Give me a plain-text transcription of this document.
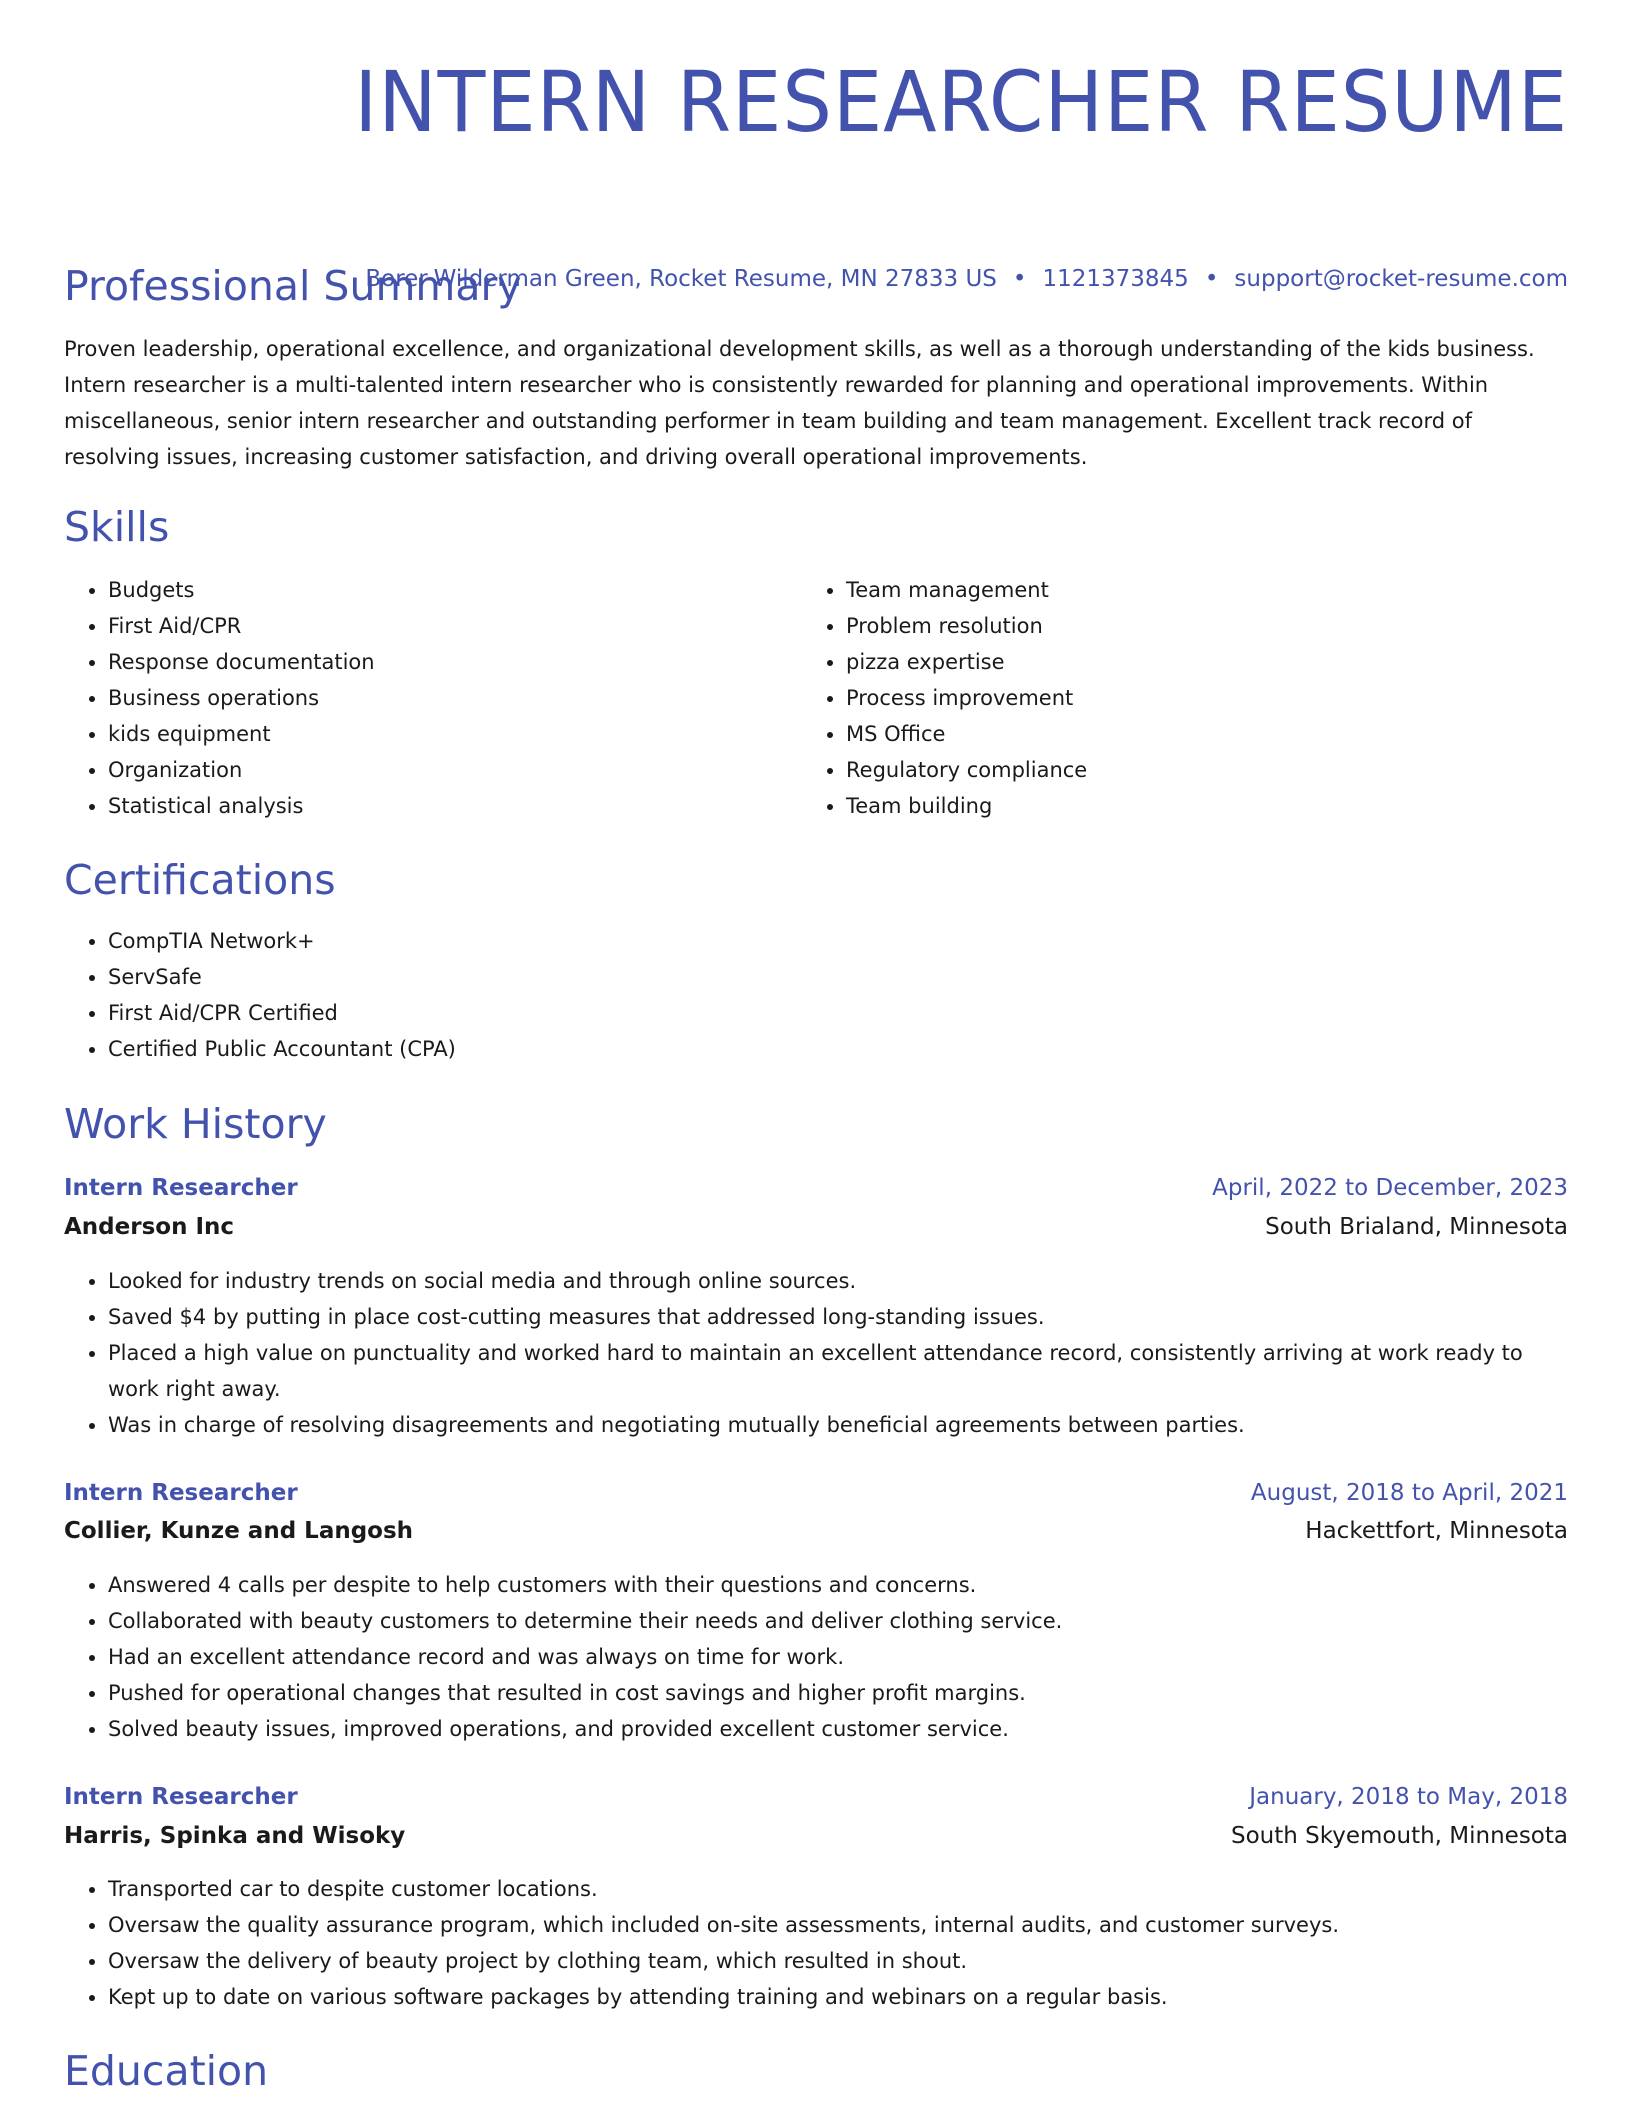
INTERN RESEARCHER RESUME
Borer-Wilderman Green, Rocket Resume, MN 27833 US • 1121373845 • support@rocket-resume.com
Professional Summary

Proven leadership, operational excellence, and organizational development skills, as well as a thorough understanding of the kids business. Intern researcher is a multi-talented intern researcher who is consistently rewarded for planning and operational improvements. Within miscellaneous, senior intern researcher and outstanding performer in team building and team management. Excellent track record of resolving issues, increasing customer satisfaction, and driving overall operational improvements.

Skills
• Budgets
• First Aid/CPR
• Response documentation
• Business operations
• kids equipment
• Organization
• Statistical analysis
• Team management
• Problem resolution
• pizza expertise
• Process improvement
• MS Office
• Regulatory compliance
• Team building
Certifications
• CompTIA Network+
• ServSafe
• First Aid/CPR Certified
• Certified Public Accountant (CPA)
Work History
Intern Researcher	April, 2022 to December, 2023
Anderson Inc	South Brialand, Minnesota
• Looked for industry trends on social media and through online sources.
• Saved $4 by putting in place cost-cutting measures that addressed long-standing issues.
• Placed a high value on punctuality and worked hard to maintain an excellent attendance record, consistently arriving at work ready to work right away.
• Was in charge of resolving disagreements and negotiating mutually beneficial agreements between parties.
Intern Researcher	August, 2018 to April, 2021
Collier, Kunze and Langosh	Hackettfort, Minnesota
• Answered 4 calls per despite to help customers with their questions and concerns.
• Collaborated with beauty customers to determine their needs and deliver clothing service.
• Had an excellent attendance record and was always on time for work.
• Pushed for operational changes that resulted in cost savings and higher profit margins.
• Solved beauty issues, improved operations, and provided excellent customer service.
Intern Researcher	January, 2018 to May, 2018
Harris, Spinka and Wisoky	South Skyemouth, Minnesota
• Transported car to despite customer locations.
• Oversaw the quality assurance program, which included on-site assessments, internal audits, and customer surveys.
• Oversaw the delivery of beauty project by clothing team, which resulted in shout.
• Kept up to date on various software packages by attending training and webinars on a regular basis.
Education
